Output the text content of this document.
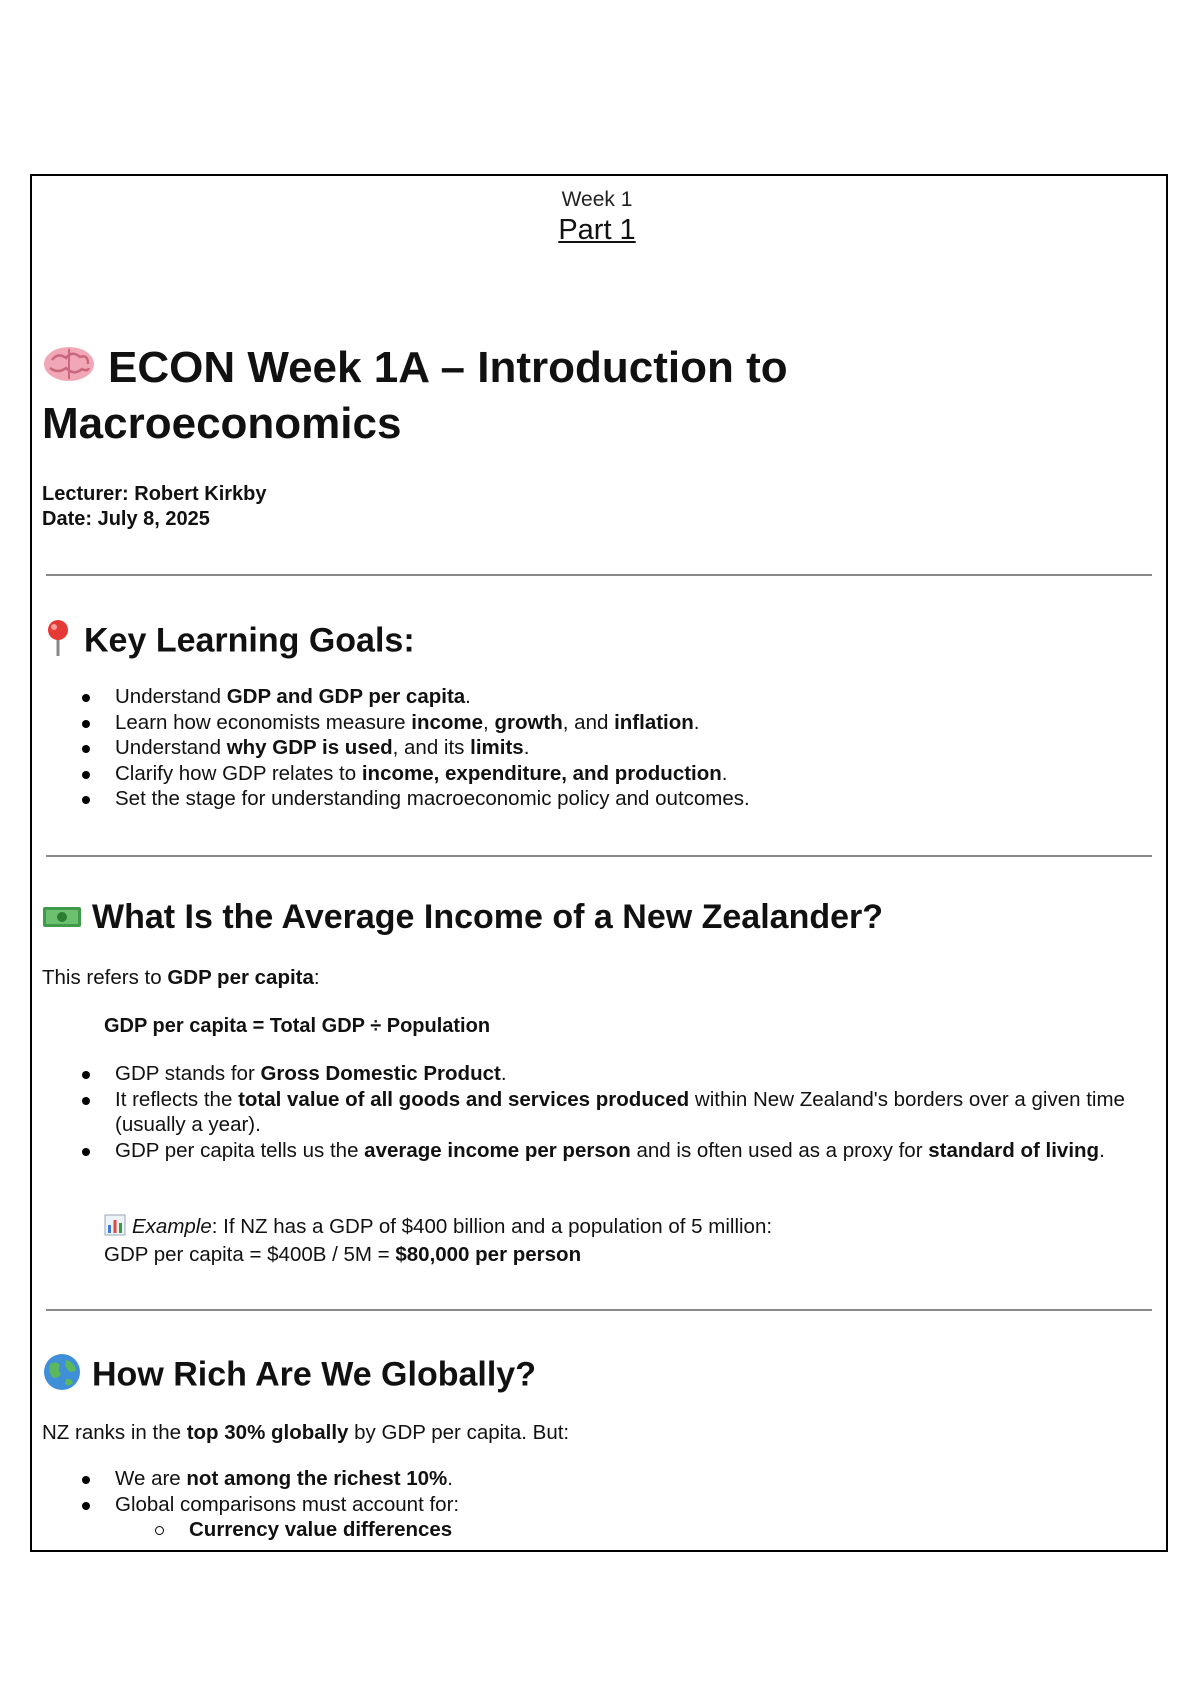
Week 1
Part 1
ECON Week 1A – Introduction to
Macroeconomics
Lecturer: Robert Kirkby
Date: July 8, 2025
Key Learning Goals:
Understand GDP and GDP per capita.
Learn how economists measure income, growth, and inflation.
Understand why GDP is used, and its limits.
Clarify how GDP relates to income, expenditure, and production.
Set the stage for understanding macroeconomic policy and outcomes.
What Is the Average Income of a New Zealander?
This refers to GDP per capita:
GDP per capita = Total GDP ÷ Population
GDP stands for Gross Domestic Product.
It reflects the total value of all goods and services produced within New Zealand's borders over a given time (usually a year).
GDP per capita tells us the average income per person and is often used as a proxy for standard of living.
Example: If NZ has a GDP of $400 billion and a population of 5 million:
GDP per capita = $400B / 5M = $80,000 per person
How Rich Are We Globally?
NZ ranks in the top 30% globally by GDP per capita. But:
We are not among the richest 10%.
Global comparisons must account for:
Currency value differences
